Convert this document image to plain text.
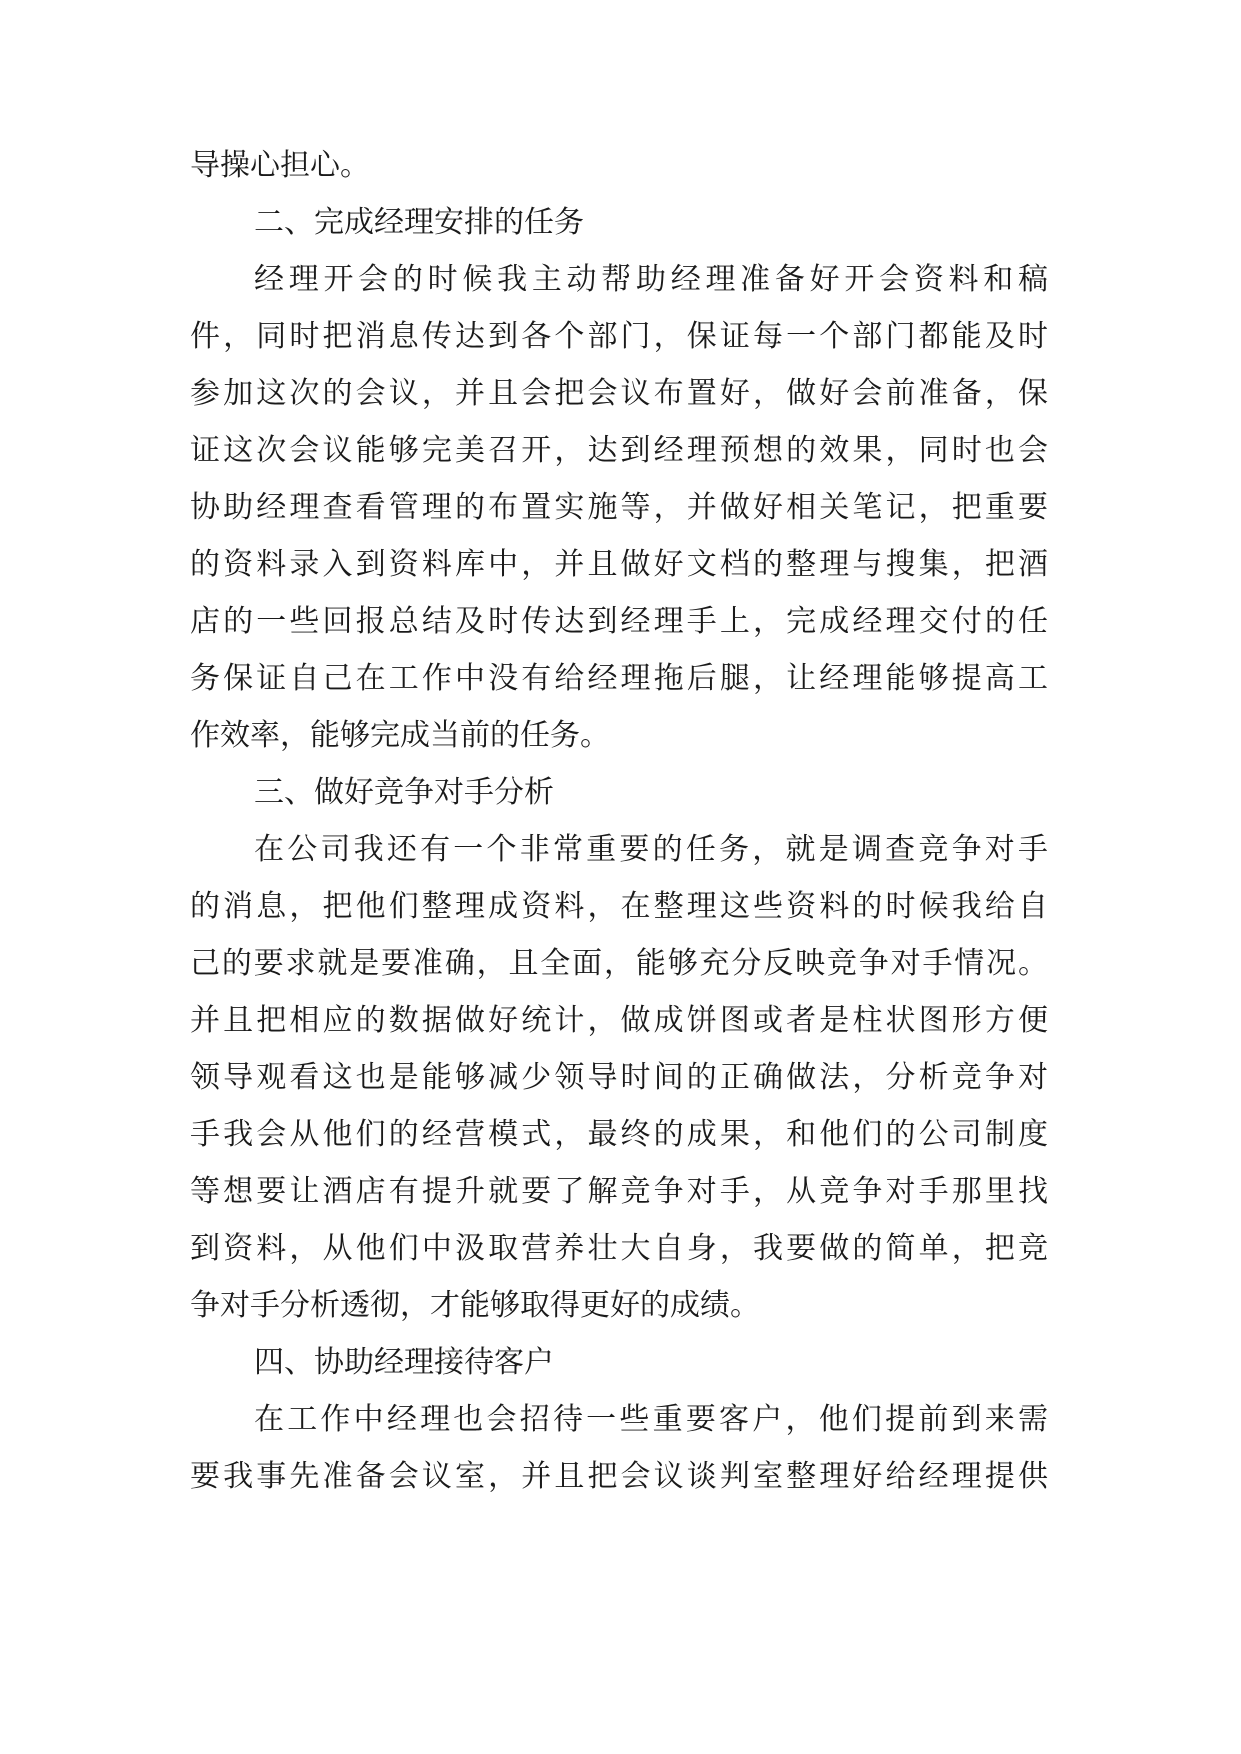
导操心担心。
二、完成经理安排的任务
经理开会的时候我主动帮助经理准备好开会资料和稿
件，同时把消息传达到各个部门，保证每一个部门都能及时
参加这次的会议，并且会把会议布置好，做好会前准备，保
证这次会议能够完美召开，达到经理预想的效果，同时也会
协助经理查看管理的布置实施等，并做好相关笔记，把重要
的资料录入到资料库中，并且做好文档的整理与搜集，把酒
店的一些回报总结及时传达到经理手上，完成经理交付的任
务保证自己在工作中没有给经理拖后腿，让经理能够提高工
作效率，能够完成当前的任务。
三、做好竞争对手分析
在公司我还有一个非常重要的任务，就是调查竞争对手
的消息，把他们整理成资料，在整理这些资料的时候我给自
己的要求就是要准确，且全面，能够充分反映竞争对手情况。
并且把相应的数据做好统计，做成饼图或者是柱状图形方便
领导观看这也是能够减少领导时间的正确做法，分析竞争对
手我会从他们的经营模式，最终的成果，和他们的公司制度
等想要让酒店有提升就要了解竞争对手，从竞争对手那里找
到资料，从他们中汲取营养壮大自身，我要做的简单，把竞
争对手分析透彻，才能够取得更好的成绩。
四、协助经理接待客户
在工作中经理也会招待一些重要客户，他们提前到来需
要我事先准备会议室，并且把会议谈判室整理好给经理提供
